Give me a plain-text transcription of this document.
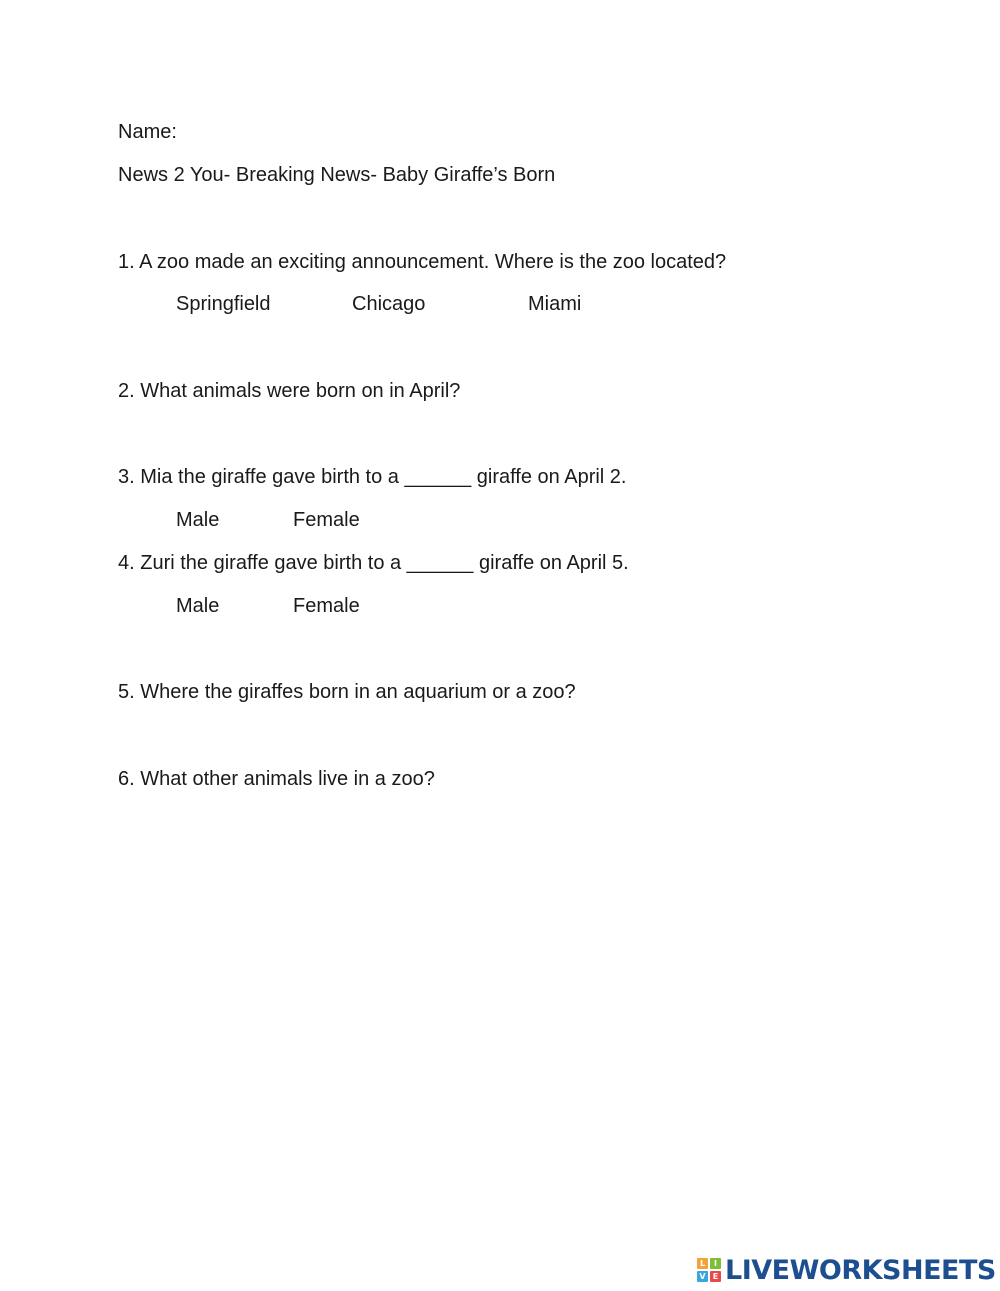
Name:
News 2 You- Breaking News- Baby Giraffe’s Born
1. A zoo made an exciting announcement. Where is the zoo located?
Springfield	Chicago	Miami
2. What animals were born on in April?
3. Mia the giraffe gave birth to a ______ giraffe on April 2.
Male	Female
4. Zuri the giraffe gave birth to a ______ giraffe on April 5.
Male	Female
5. Where the giraffes born in an aquarium or a zoo?
6. What other animals live in a zoo?
L	I
V E LIVEWORKSHEETS
